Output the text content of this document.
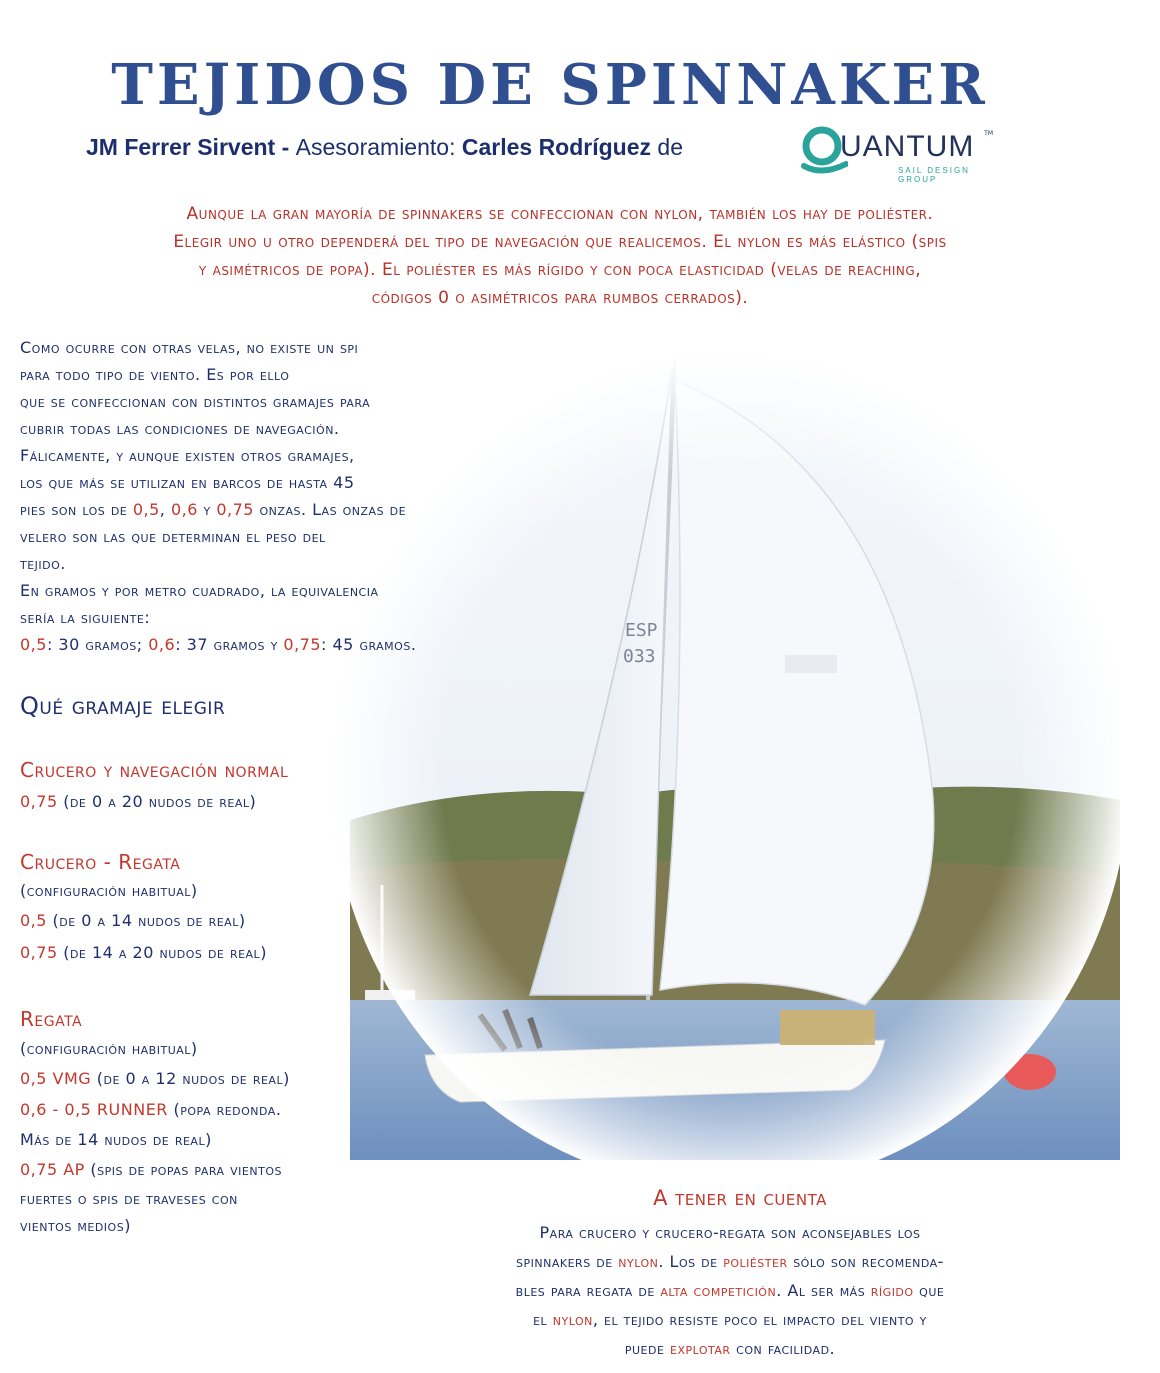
TEJIDOS DE SPINNAKER
JM Ferrer Sirvent - Asesoramiento: Carles Rodríguez de	UANTUM TM
SAIL DESIGN GROUP
Aunque la gran mayoría de spinnakers se confeccionan con nylon, también los hay de poliéster.
Elegir uno u otro dependerá del tipo de navegación que realicemos. El nylon es más elástico (spis
y asimétricos de popa). El poliéster es más rígido y con poca elasticidad (velas de reaching,
códigos 0 o asimétricos para rumbos cerrados).
Como ocurre con otras velas, no existe un spi
para todo tipo de viento. Es por ello
que se confeccionan con distintos gramajes para
cubrir todas las condiciones de navegación.
Fálicamente, y aunque existen otros gramajes,
los que más se utilizan en barcos de hasta 45
pies son los de 0,5, 0,6 y 0,75 onzas. Las onzas de
velero son las que determinan el peso del
tejido.
En gramos y por metro cuadrado, la equivalencia
sería la siguiente:
0,5: 30 gramos; 0,6: 37 gramos y 0,75: 45 gramos.
Qué gramaje elegir
Crucero y navegación normal
0,75 (de 0 a 20 nudos de real)
Crucero - Regata
(configuración habitual)
0,5 (de 0 a 14 nudos de real)
0,75 (de 14 a 20 nudos de real)
Regata
(configuración habitual)
0,5 VMG (de 0 a 12 nudos de real)
0,6 - 0,5 RUNNER (popa redonda.
Más de 14 nudos de real)
0,75 AP (spis de popas para vientos
fuertes o spis de traveses con
vientos medios)
A tener en cuenta
Para crucero y crucero-regata son aconsejables los
spinnakers de nylon. Los de poliéster sólo son recomenda-
bles para regata de alta competición. Al ser más rígido que
el nylon, el tejido resiste poco el impacto del viento y
puede explotar con facilidad.
